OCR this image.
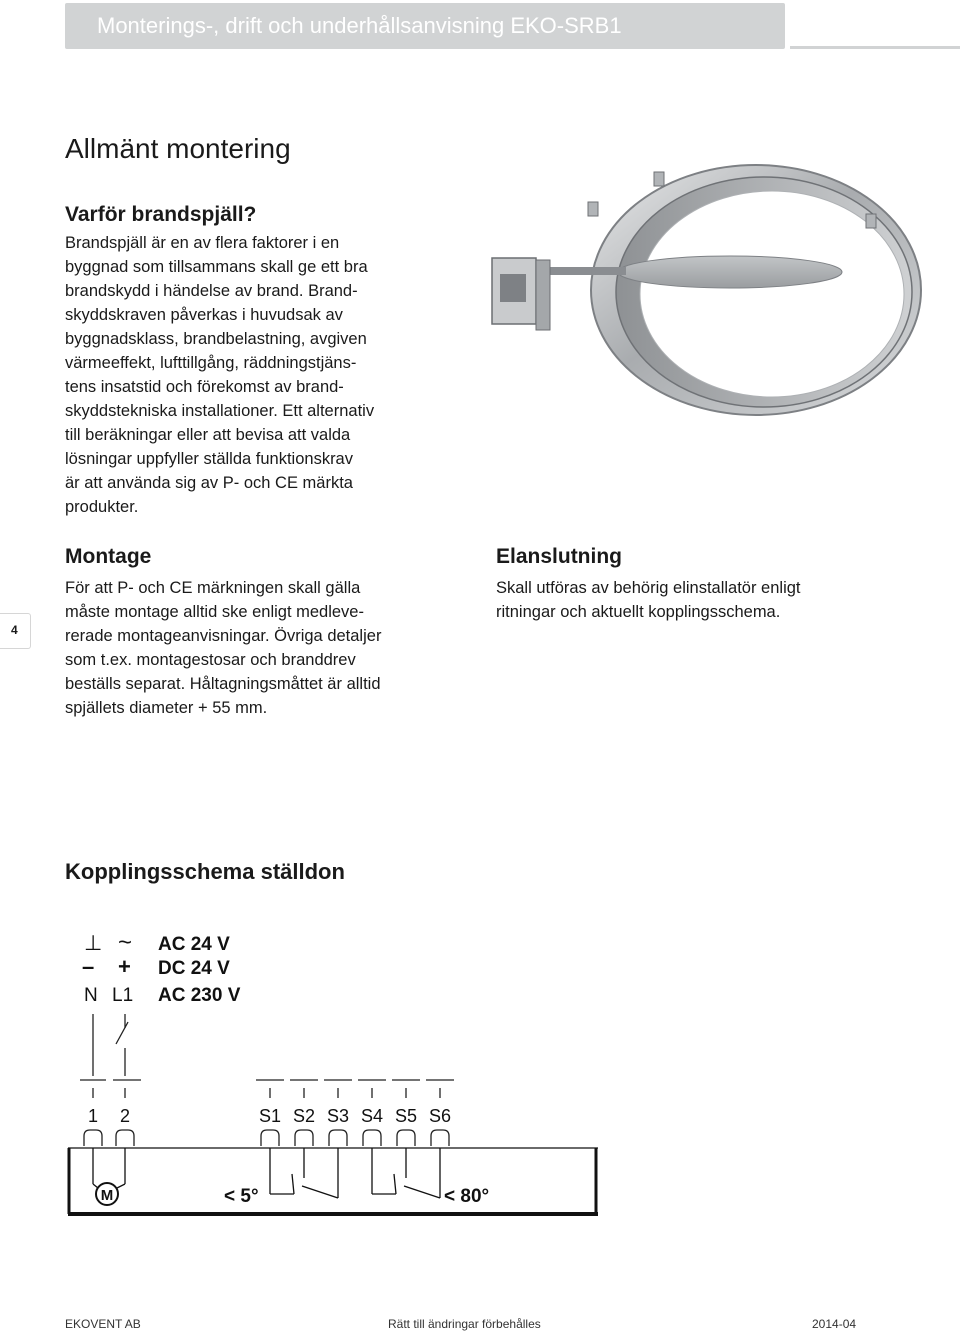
Monterings-, drift och underhållsanvisning EKO-SRB1
Allmänt montering
Varför brandspjäll?
Brandspjäll är en av flera faktorer i en
byggnad som tillsammans skall ge ett bra
brandskydd i händelse av brand. Brand-
skyddskraven påverkas i huvudsak av
byggnadsklass, brandbelastning, avgiven
värmeeffekt, lufttillgång, räddningstjäns-
tens insatstid och förekomst av brand-
skyddstekniska installationer. Ett alternativ
till beräkningar eller att bevisa att valda
lösningar uppfyller ställda funktionskrav
är att använda sig av P- och CE märkta
produkter.
Montage
För att P- och CE märkningen skall gälla
måste montage alltid ske enligt medleve-
rerade montageanvisningar. Övriga detaljer
som t.ex. montagestosar och branddrev
beställs separat. Håltagningsmåttet är alltid
spjällets diameter + 55 mm.
Elanslutning
Skall utföras av behörig elinstallatör enligt
ritningar och aktuellt kopplingsschema.
4
Kopplingsschema ställdon
⊥ ~ AC 24 V
– + DC 24 V
N L1 AC 230 V
1 2	S1 S2 S3 S4 S5 S6
M	< 5°	< 80°
EKOVENT AB	Rätt till ändringar förbehålles	2014-04
